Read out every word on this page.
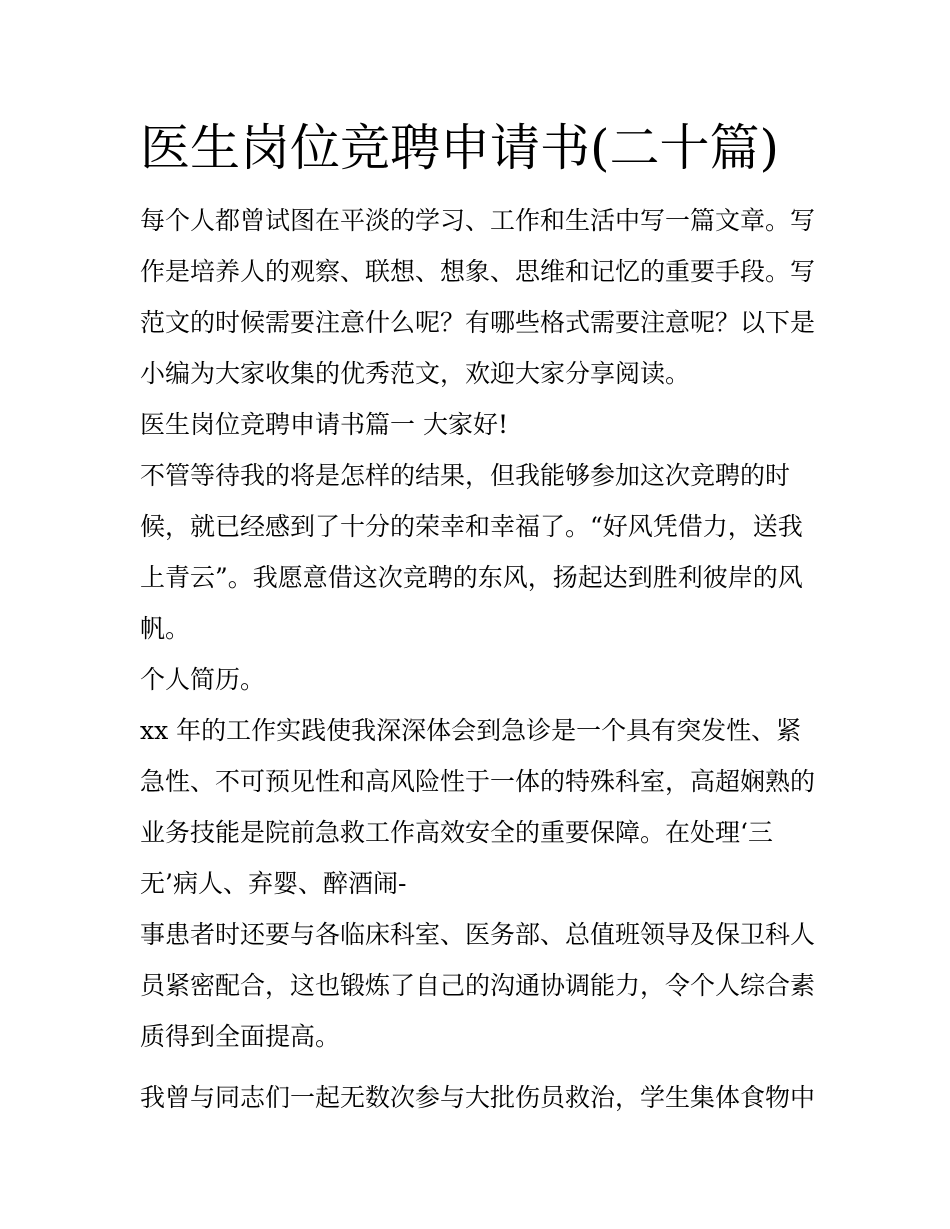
医生岗位竞聘申请书(二十篇)

每个人都曾试图在平淡的学习、工作和生活中写一篇文章。写

作是培养人的观察、联想、想象、思维和记忆的重要手段。写

范文的时候需要注意什么呢？有哪些格式需要注意呢？以下是

小编为大家收集的优秀范文，欢迎大家分享阅读。

医生岗位竞聘申请书篇一 大家好!

不管等待我的将是怎样的结果，但我能够参加这次竞聘的时

候，就已经感到了十分的荣幸和幸福了。“好风凭借力，送我

上青云”。我愿意借这次竞聘的东风，扬起达到胜利彼岸的风

帆。

个人简历。

xx 年的工作实践使我深深体会到急诊是一个具有突发性、紧

急性、不可预见性和高风险性于一体的特殊科室，高超娴熟的

业务技能是院前急救工作高效安全的重要保障。在处理‘三

无’病人、弃婴、醉酒闹-

事患者时还要与各临床科室、医务部、总值班领导及保卫科人

员紧密配合，这也锻炼了自己的沟通协调能力，令个人综合素

质得到全面提高。

我曾与同志们一起无数次参与大批伤员救治，学生集体食物中
